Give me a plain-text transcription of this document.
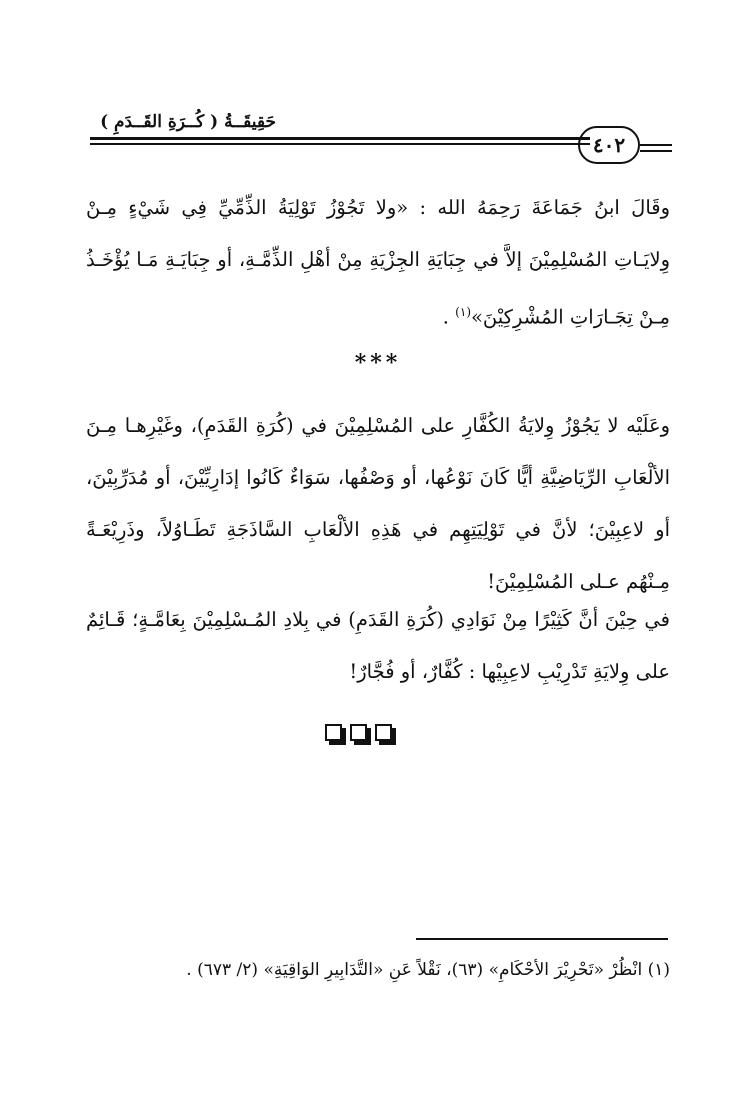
حَقِيقَــةُ ( كُــرَةِ القَــدَمِ )
٤٠٢
وقَالَ ابنُ جَمَاعَةَ رَحِمَهُ الله : «ولا تَجُوْزُ تَوْلِيَةُ الذِّمِّيِّ فِي شَيْءٍ مِـنْ وِلايَـاتِ المُسْلِمِيْنَ إلاَّ في جِبَايَةِ الجِزْيَةِ مِنْ أهْلِ الذِّمَّـةِ، أو جِبَايَـةِ مَـا يُؤْخَـذُ مِـنْ تِجَـارَاتِ المُشْرِكِيْنَ»$^{(١)}$ .
***
وعَلَيْه لا يَجُوْزُ وِلايَةُ الكُفَّارِ على المُسْلِمِيْنَ في (كُرَةِ القَدَمِ)، وغَيْرِهـا مِـنَ الألْعَابِ الرِّيَاضِيَّةِ أيًّا كَانَ نَوْعُها، أو وَصْفُها، سَوَاءٌ كَانُوا إدَارِيِّيْنَ، أو مُدَرِّبِيْنَ، أو لاعِبِيْنَ؛ لأنَّ في تَوْلِيَتِهِم في هَذِهِ الألْعَابِ السَّاذَجَةِ تَطَـاوُلاً، وذَرِيْعَـةً مِـنْهُم عـلى المُسْلِمِيْنَ!
في حِيْنَ أنَّ كَثِيْرًا مِنْ نَوَادِي (كُرَةِ القَدَمِ) في بِلادِ المُـسْلِمِيْنَ بِعَامَّـةٍ؛ قَـائِمٌ على وِلايَةِ تَدْرِيْبِ لاعِبِيْها : كُفَّارٌ، أو فُجَّارٌ!
(١) انْظُرْ «تَحْرِيْرَ الأحْكَامِ» (٦٣)، نَقْلاً عَنِ «التَّدَابِيرِ الوَاقِيَةِ» (٢/ ٦٧٣) .
